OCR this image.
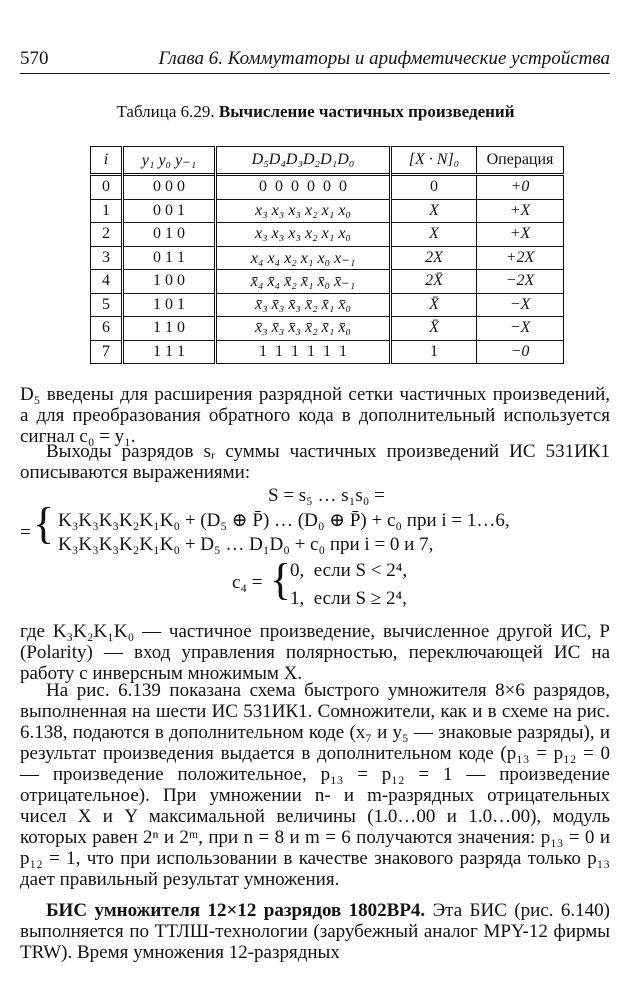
570	Глава 6. Коммутаторы и арифметические устройства
Таблица 6.29. Вычисление частичных произведений
i	y₁ y₀ y₋₁	D₅D₄D₃D₂D₁D₀	[X · N]₀	Операция
0	0 0 0	0  0  0  0  0  0	0	+0
1	0 0 1	x₃ x₃ x₃ x₂ x₁ x₀	X	+X
2	0 1 0	x₃ x₃ x₃ x₂ x₁ x₀	X	+X
3	0 1 1	x₄ x₄ x₂ x₁ x₀ x₋₁	2X	+2X
4	1 0 0	x̄₄ x̄₄ x̄₂ x̄₁ x̄₀ x̄₋₁	2X̄	−2X
5	1 0 1	x̄₃ x̄₃ x̄₃ x̄₂ x̄₁ x̄₀	X̄	−X
6	1 1 0	x̄₃ x̄₃ x̄₃ x̄₂ x̄₁ x̄₀	X̄	−X
7	1 1 1	1  1  1  1  1  1	1	−0
D₅ введены для расширения разрядной сетки частичных произведений, а для преобразования обратного кода в дополнительный используется сигнал c₀ = y₁.
Выходы разрядов sᵣ суммы частичных произведений ИС 531ИК1 описываются выражениями:
S = s₅ … s₁s₀ =
= { K₃K₃K₃K₂K₁K₀ + (D₅ ⊕ P̄) … (D₀ ⊕ P̄) + c₀ при i = 1…6,
K₃K₃K₃K₂K₁K₀ + D₅ … D₁D₀ + c₀ при i = 0 и 7,
c₄ = {
0,  если S < 2⁴,
1,  если S ≥ 2⁴,
где K₃K₂K₁K₀ — частичное произведение, вычисленное другой ИС, P (Polarity) — вход управления полярностью, переключающей ИС на работу с инверсным множимым X.
На рис. 6.139 показана схема быстрого умножителя 8×6 разрядов, выполненная на шести ИС 531ИК1. Сомножители, как и в схеме на рис. 6.138, подаются в дополнительном коде (x₇ и y₅ — знаковые разряды), и результат произведения выдается в дополнительном коде (p₁₃ = p₁₂ = 0 — произведение положительное, p₁₃ = p₁₂ = 1 — произведение отрицательное). При умножении n- и m-разрядных отрицательных чисел X и Y максимальной величины (1.0…00 и 1.0…00), модуль которых равен 2ⁿ и 2ᵐ, при n = 8 и m = 6 получаются значения: p₁₃ = 0 и p₁₂ = 1, что при использовании в качестве знакового разряда только p₁₃ дает правильный результат умножения.
БИС умножителя 12×12 разрядов 1802ВР4. Эта БИС (рис. 6.140) выполняется по ТТЛШ-технологии (зарубежный аналог MPY-12 фирмы TRW). Время умножения 12-разрядных
